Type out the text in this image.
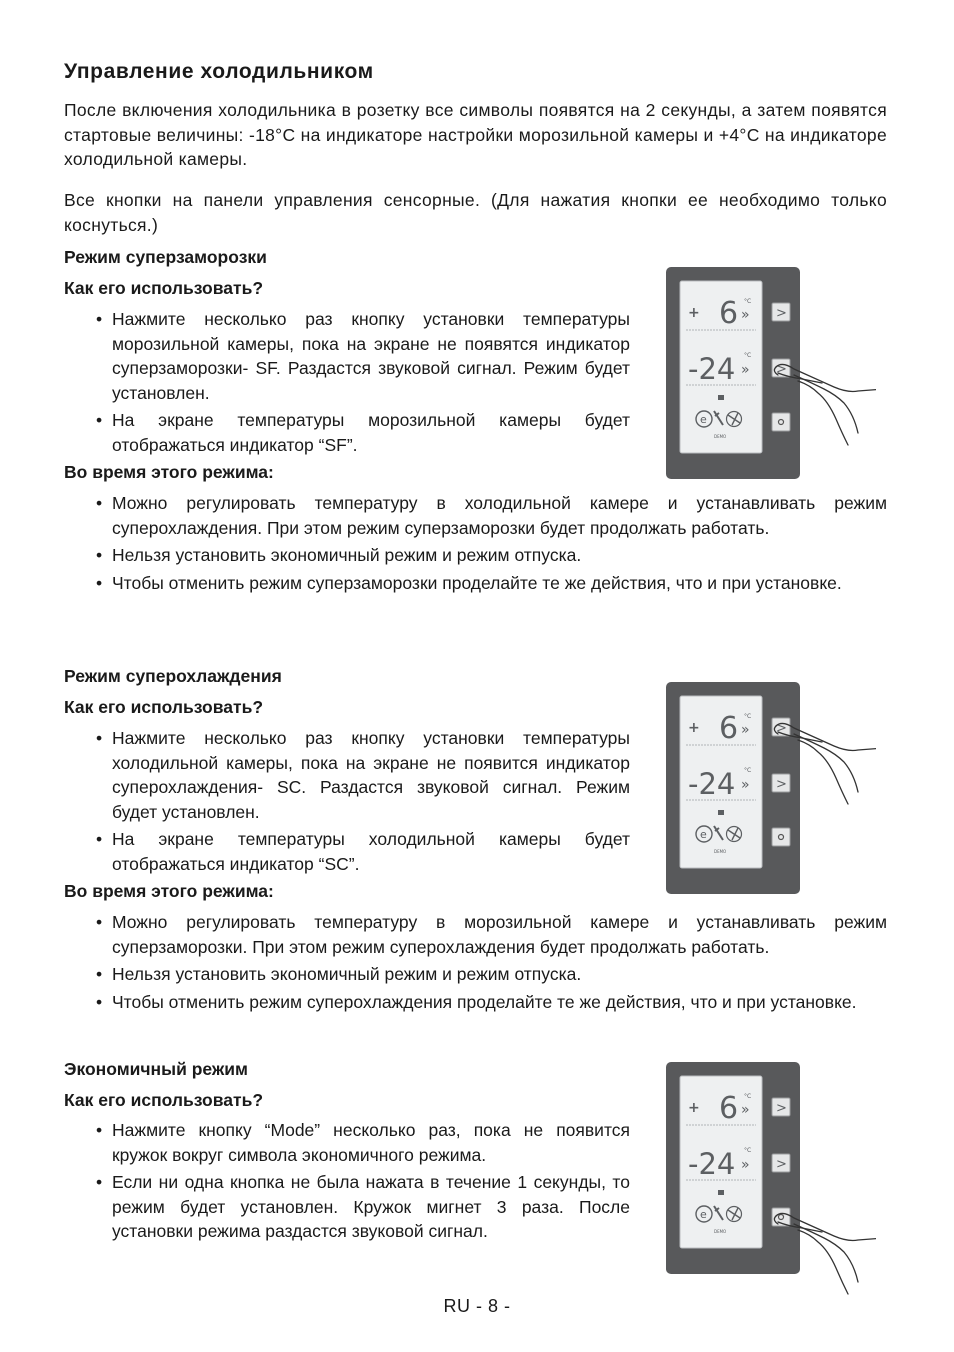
Управление холодильником
После включения холодильника в розетку все символы появятся на 2 секунды, а затем появятся стартовые величины: -18°C на индикаторе настройки морозильной камеры и +4°C на индикаторе холодильной камеры.
Все кнопки на панели управления сенсорные. (Для нажатия кнопки ее необходимо только коснуться.)
Режим суперзаморозки
Как его использовать?
• Нажмите несколько раз кнопку установки температуры морозильной камеры, пока на экране не появятся индикатор суперзаморозки- SF. Раздастся звуковой сигнал. Режим будет установлен.
• На экране температуры морозильной камеры будет отображаться индикатор “SF”.
Во время этого режима:
• Можно регулировать температуру в холодильной камере и устанавливать режим суперохлаждения. При этом режим суперзаморозки будет продолжать работать.
• Нельзя установить экономичный режим и режим отпуска.
• Чтобы отменить режим суперзаморозки проделайте те же действия, что и при установке.
Режим суперохлаждения
Как его использовать?
• Нажмите несколько раз кнопку установки температуры холодильной камеры, пока на экране не появится индикатор суперохлаждения- SC. Раздастся звуковой сигнал. Режим будет установлен.
• На экране температуры холодильной камеры будет отображаться индикатор “SC”.
Во время этого режима:
• Можно регулировать температуру в морозильной камере и устанавливать режим суперзаморозки. При этом режим суперохлаждения будет продолжать работать.
• Нельзя установить экономичный режим и режим отпуска.
• Чтобы отменить режим суперохлаждения проделайте те же действия, что и при установке.
Экономичный режим
Как его использовать?
• Нажмите кнопку “Mode” несколько раз, пока не появится кружок вокруг символа экономичного режима.
• Если ни одна кнопка не была нажата в течение 1 секунды, то режим будет установлен. Кружок мигнет 3 раза. После установки режима раздастся звуковой сигнал.
+ 6 °C
»
-24 °C
»
e
DEMO
>
>
+ 6 °C
»
-24 °C
»
e
DEMO
>
>
+ 6 °C
»
-24 °C
»
e
DEMO
>
>
RU - 8 -
